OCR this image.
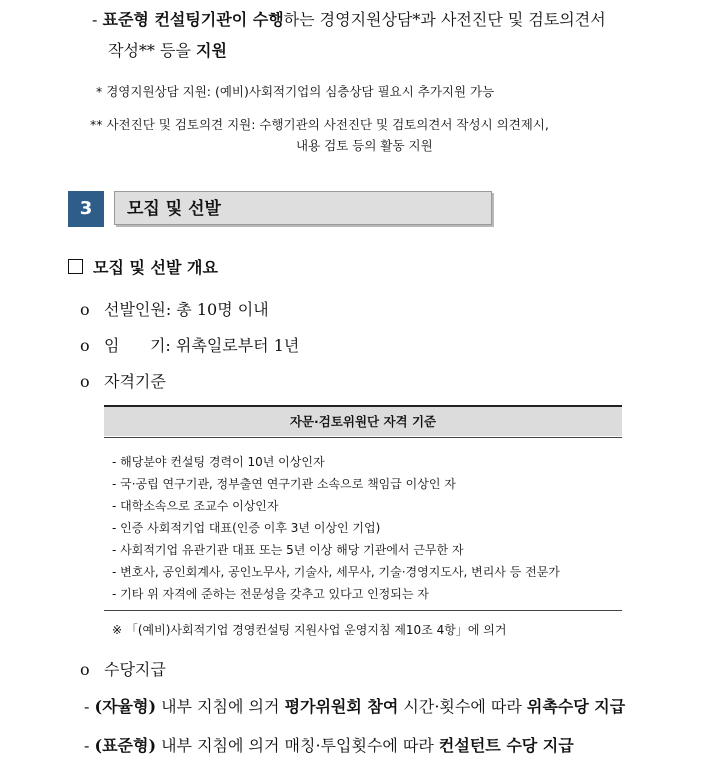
- 표준형 컨설팅기관이 수행하는 경영지원상담*과 사전진단 및 검토의견서
작성** 등을 지원
* 경영지원상담 지원: (예비)사회적기업의 심층상담 필요시 추가지원 가능
** 사전진단 및 검토의견 지원: 수행기관의 사전진단 및 검토의견서 작성시 의견제시,
내용 검토 등의 활동 지원
3	모집 및 선발
모집 및 선발 개요
o 선발인원: 총 10명 이내
o 임      기: 위촉일로부터 1년
o 자격기준
자문·검토위원단 자격 기준
- 해당분야 컨설팅 경력이 10년 이상인자
- 국·공립 연구기관, 정부출연 연구기관 소속으로 책임급 이상인 자
- 대학소속으로 조교수 이상인자
- 인증 사회적기업 대표(인증 이후 3년 이상인 기업)
- 사회적기업 유관기관 대표 또는 5년 이상 해당 기관에서 근무한 자
- 변호사, 공인회계사, 공인노무사, 기술사, 세무사, 기술·경영지도사, 변리사 등 전문가
- 기타 위 자격에 준하는 전문성을 갖추고 있다고 인정되는 자
※ 「(예비)사회적기업 경영컨설팅 지원사업 운영지침 제10조 4항」에 의거
o 수당지급
- (자율형) 내부 지침에 의거 평가위원회 참여 시간·횟수에 따라 위촉수당 지급
- (표준형) 내부 지침에 의거 매칭·투입횟수에 따라 컨설턴트 수당 지급
